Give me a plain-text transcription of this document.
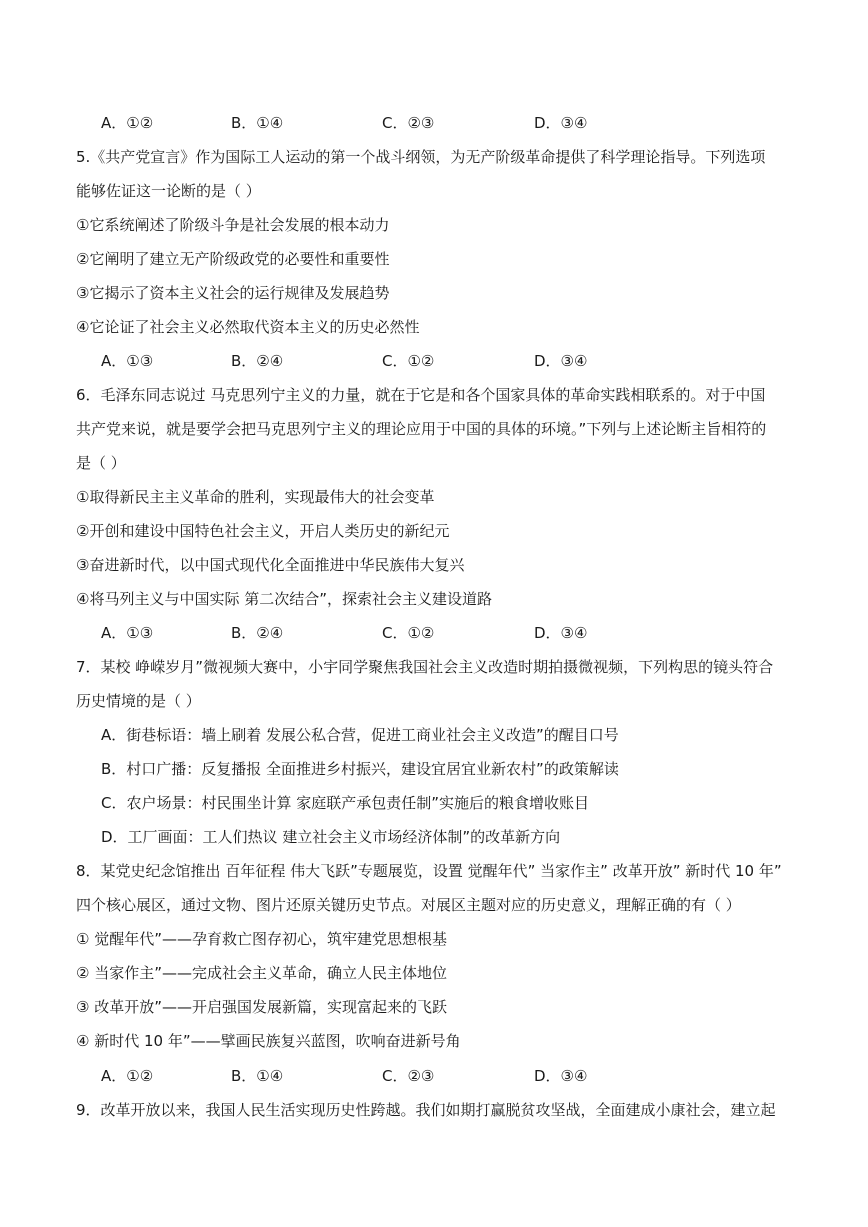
A．①②	B．①④	C．②③	D．③④
5.《共产党宣言》作为国际工人运动的第一个战斗纲领，为无产阶级革命提供了科学理论指导。下列选项
能够佐证这一论断的是（ ）
①它系统阐述了阶级斗争是社会发展的根本动力
②它阐明了建立无产阶级政党的必要性和重要性
③它揭示了资本主义社会的运行规律及发展趋势
④它论证了社会主义必然取代资本主义的历史必然性
A．①③	B．②④	C．①②	D．③④
6．毛泽东同志说过 马克思列宁主义的力量，就在于它是和各个国家具体的革命实践相联系的。对于中国
共产党来说，就是要学会把马克思列宁主义的理论应用于中国的具体的环境。”下列与上述论断主旨相符的
是（ ）
①取得新民主主义革命的胜利，实现最伟大的社会变革
②开创和建设中国特色社会主义，开启人类历史的新纪元
③奋进新时代，以中国式现代化全面推进中华民族伟大复兴
④将马列主义与中国实际 第二次结合”，探索社会主义建设道路
A．①③	B．②④	C．①②	D．③④
7．某校 峥嵘岁月”微视频大赛中，小宇同学聚焦我国社会主义改造时期拍摄微视频，下列构思的镜头符合
历史情境的是（ ）
A．街巷标语：墙上刷着 发展公私合营，促进工商业社会主义改造”的醒目口号
B．村口广播：反复播报 全面推进乡村振兴，建设宜居宜业新农村”的政策解读
C．农户场景：村民围坐计算 家庭联产承包责任制”实施后的粮食增收账目
D．工厂画面：工人们热议 建立社会主义市场经济体制”的改革新方向
8．某党史纪念馆推出 百年征程 伟大飞跃”专题展览，设置 觉醒年代” 当家作主” 改革开放” 新时代 10 年”
四个核心展区，通过文物、图片还原关键历史节点。对展区主题对应的历史意义，理解正确的有（ ）
① 觉醒年代”——孕育救亡图存初心，筑牢建党思想根基
② 当家作主”——完成社会主义革命，确立人民主体地位
③ 改革开放”——开启强国发展新篇，实现富起来的飞跃
④ 新时代 10 年”——擘画民族复兴蓝图，吹响奋进新号角
A．①②	B．①④	C．②③	D．③④
9．改革开放以来，我国人民生活实现历史性跨越。我们如期打赢脱贫攻坚战，全面建成小康社会，建立起
